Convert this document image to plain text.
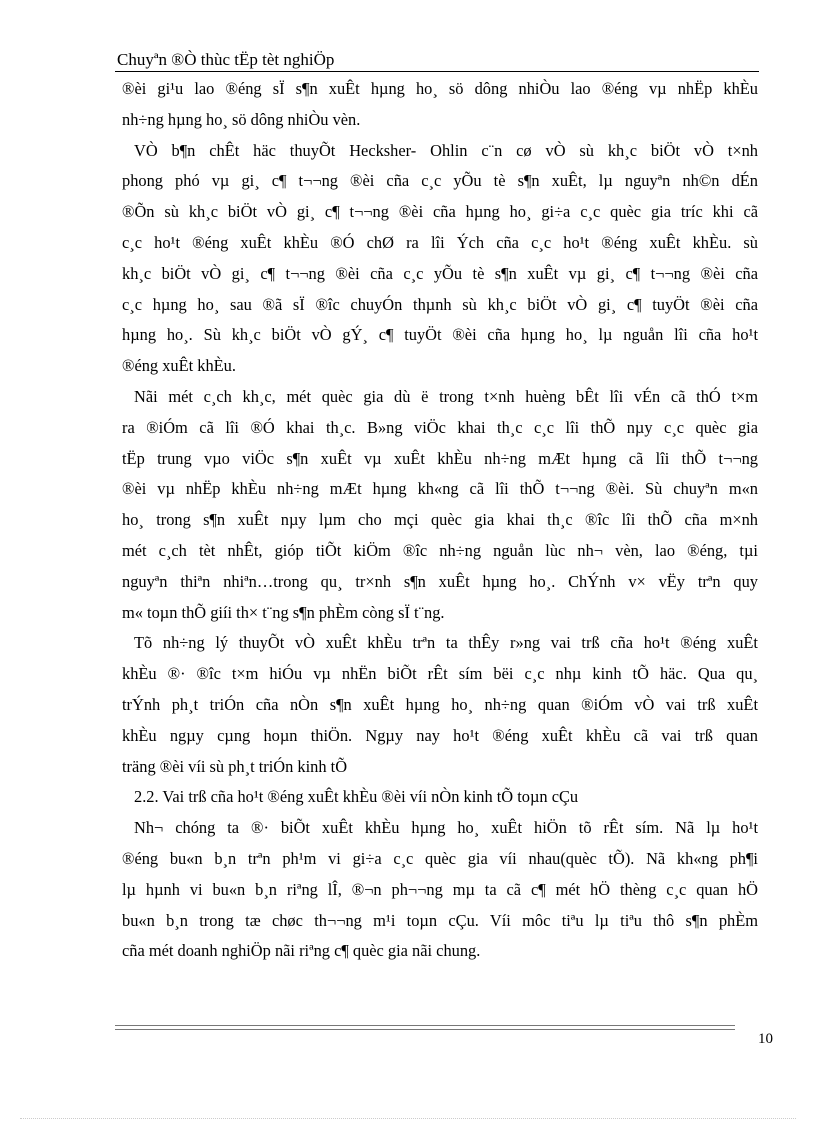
Chuyªn ®Ò thùc tËp tèt nghiÖp
®èi gi¹u lao ®éng sÏ s¶n xuÊt hµng ho¸ sö dông nhiÒu lao ®éng vµ nhËp khÈu
nh÷ng hµng ho¸ sö dông nhiÒu vèn.
VÒ b¶n chÊt häc thuyÕt Hecksher- Ohlin c¨n cø vÒ sù kh¸c biÖt vÒ t×nh
phong phó vµ gi¸ c¶ t¬¬ng ®èi cña c¸c yÕu tè s¶n xuÊt, lµ nguyªn nh©n dÉn
®Õn sù kh¸c biÖt vÒ gi¸ c¶ t¬¬ng ®èi cña hµng ho¸ gi÷a c¸c quèc gia tríc khi cã
c¸c ho¹t ®éng xuÊt khÈu ®Ó chØ ra lîi Ých cña c¸c ho¹t ®éng xuÊt khÈu. sù
kh¸c biÖt vÒ gi¸ c¶ t¬¬ng ®èi cña c¸c yÕu tè s¶n xuÊt vµ gi¸ c¶ t¬¬ng ®èi cña
c¸c hµng ho¸ sau ®ã sÏ ®îc chuyÓn thµnh sù kh¸c biÖt vÒ gi¸ c¶ tuyÖt ®èi cña
hµng ho¸. Sù kh¸c biÖt vÒ gÝ¸ c¶ tuyÖt ®èi cña hµng ho¸ lµ nguån lîi cña ho¹t
®éng xuÊt khÈu.
Nãi mét c¸ch kh¸c, mét quèc gia dù ë trong t×nh huèng bÊt lîi vÉn cã thÓ t×m
ra ®iÓm cã lîi ®Ó khai th¸c. B»ng viÖc khai th¸c c¸c lîi thÕ nµy c¸c quèc gia
tËp trung vµo viÖc s¶n xuÊt vµ xuÊt khÈu nh÷ng mÆt hµng cã lîi thÕ t¬¬ng
®èi vµ nhËp khÈu nh÷ng mÆt hµng kh«ng cã lîi thÕ t¬¬ng ®èi. Sù chuyªn m«n
ho¸ trong s¶n xuÊt nµy lµm cho mçi quèc gia khai th¸c ®îc lîi thÕ cña m×nh
mét c¸ch tèt nhÊt, gióp tiÕt kiÖm ®îc nh÷ng nguån lùc nh¬ vèn, lao ®éng, tµi
nguyªn thiªn nhiªn…trong qu¸ tr×nh s¶n xuÊt hµng ho¸. ChÝnh v× vËy trªn quy
m« toµn thÕ giíi th× t¨ng s¶n phÈm còng sÏ t¨ng.
Tõ nh÷ng lý thuyÕt vÒ xuÊt khÈu trªn ta thÊy r»ng vai trß cña ho¹t ®éng xuÊt
khÈu ®· ®îc t×m hiÓu vµ nhËn biÕt rÊt sím bëi c¸c nhµ kinh tÕ häc. Qua qu¸
trÝnh ph¸t triÓn cña nÒn s¶n xuÊt hµng ho¸ nh÷ng quan ®iÓm vÒ vai trß xuÊt
khÈu ngµy cµng hoµn thiÖn. Ngµy nay ho¹t ®éng xuÊt khÈu cã vai trß quan
träng ®èi víi sù ph¸t triÓn kinh tÕ
2.2. Vai trß cña ho¹t ®éng xuÊt khÈu ®èi víi nÒn kinh tÕ toµn cÇu
Nh¬ chóng ta ®· biÕt xuÊt khÈu hµng ho¸ xuÊt hiÖn tõ rÊt sím. Nã lµ ho¹t
®éng bu«n b¸n trªn ph¹m vi gi÷a c¸c quèc gia víi nhau(quèc tÕ). Nã kh«ng ph¶i
lµ hµnh vi bu«n b¸n riªng lÎ, ®¬n ph¬¬ng mµ ta cã c¶ mét hÖ thèng c¸c quan hÖ
bu«n b¸n trong tæ chøc th¬¬ng m¹i toµn cÇu. Víi môc tiªu lµ tiªu thô s¶n phÈm
cña mét doanh nghiÖp nãi riªng c¶ quèc gia nãi chung.
10
